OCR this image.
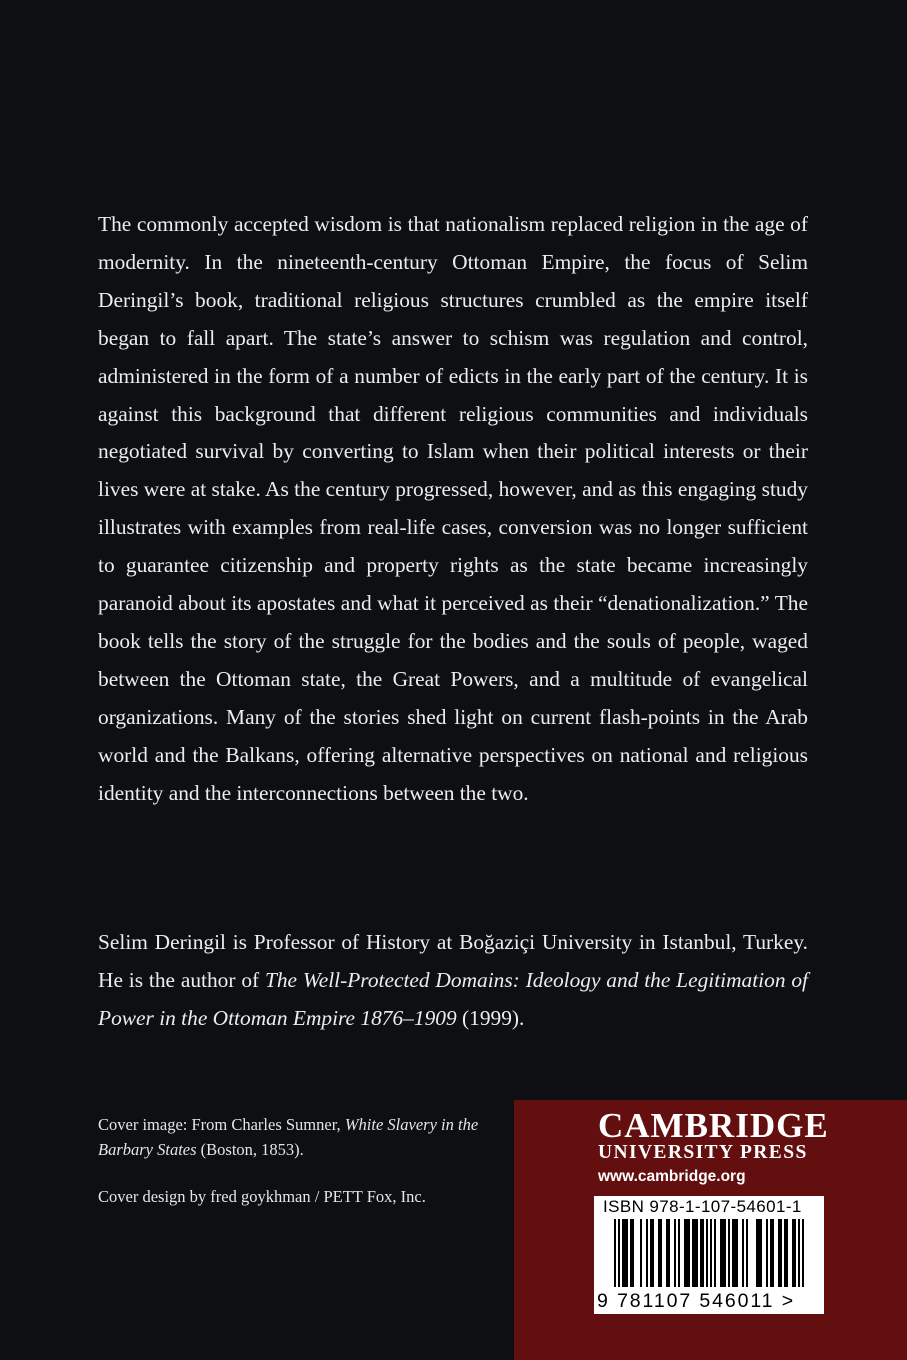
The commonly accepted wisdom is that nationalism replaced religion in the age of modernity. In the nineteenth-century Ottoman Empire, the focus of Selim Deringil’s book, traditional religious structures crumbled as the empire itself began to fall apart. The state’s answer to schism was regulation and control, administered in the form of a number of edicts in the early part of the century. It is against this background that different religious communities and individuals negotiated survival by converting to Islam when their political interests or their lives were at stake. As the century progressed, however, and as this engaging study illustrates with examples from real-life cases, conversion was no longer sufficient to guarantee citizenship and property rights as the state became increasingly paranoid about its apostates and what it perceived as their “denationalization.” The book tells the story of the struggle for the bodies and the souls of people, waged between the Ottoman state, the Great Powers, and a multitude of evangelical organizations. Many of the stories shed light on current flash-points in the Arab world and the Balkans, offering alternative perspectives on national and religious identity and the interconnections between the two.

Selim Deringil is Professor of History at Boğaziçi University in Istanbul, Turkey. He is the author of The Well-Protected Domains: Ideology and the Legitimation of Power in the Ottoman Empire 1876–1909 (1999).

Cover image: From Charles Sumner, White Slavery in the Barbary States (Boston, 1853).

Cover design by fred goykhman / PETT Fox, Inc.

CAMBRIDGE
UNIVERSITY PRESS
www.cambridge.org
ISBN 978-1-107-54601-1
9 781107 546011 >
